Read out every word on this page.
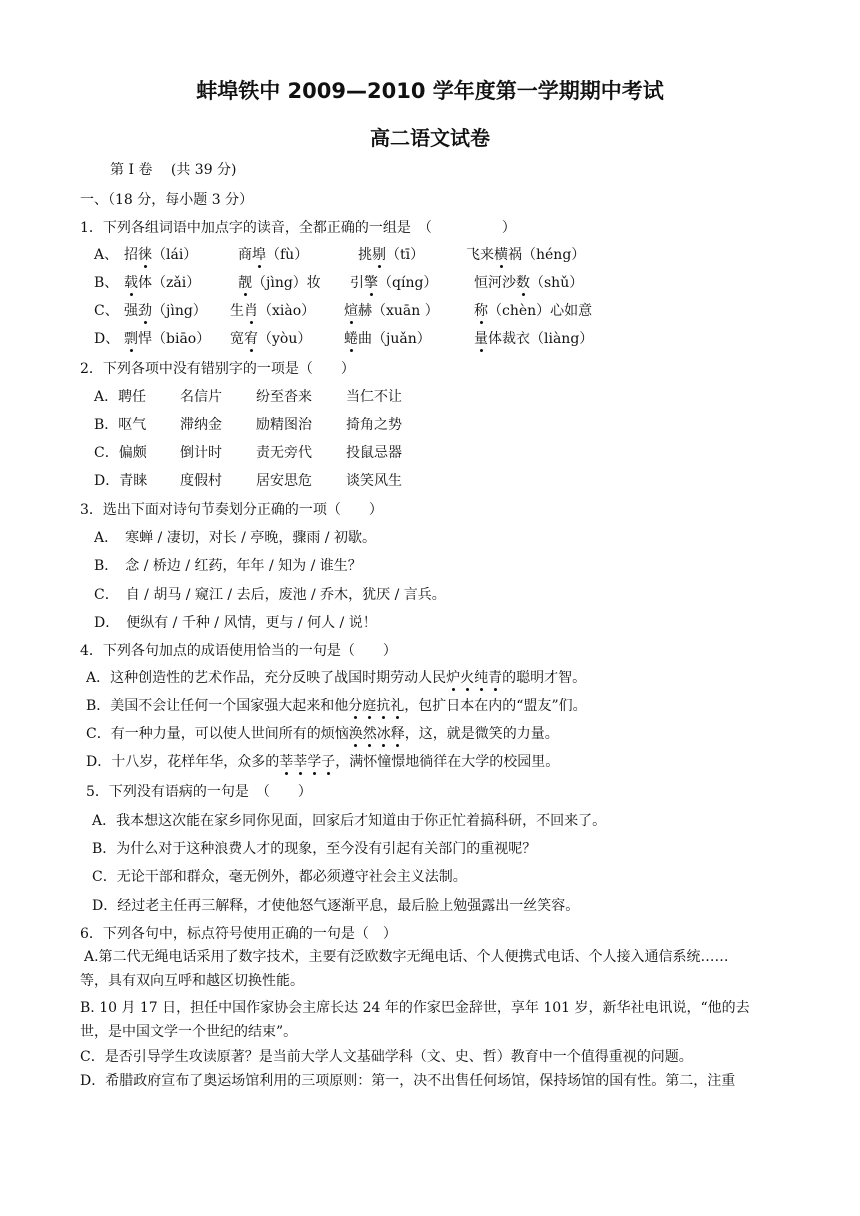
蚌埠铁中 2009—2010 学年度第一学期期中考试
高二语文试卷
第 I 卷　 (共 39 分)
一、（18 分，每小题 3 分）
1．下列各组词语中加点字的读音，全都正确的一组是　（　　　　　）
A、 招徕（lái）	商埠（fù）	挑剔（tī）	飞来横祸（héng）
B、 载体（zǎi）	靓（jìng）妆 引擎（qíng）	恒河沙数（shǔ）
C、 强劲（jìng） 生肖（xiào） 煊赫（xuān ）	称（chèn）心如意
D、 剽悍（biāo） 宽宥（yòu） 蜷曲（juǎn）	量体裁衣（liàng）
2．下列各项中没有错别字的一项是（　　）
A．聘任 名信片 纷至沓来 当仁不让
B．呕气 滞纳金 励精图治 掎角之势
C．偏颇 倒计时 责无旁代 投鼠忌器
D．青睐 度假村 居安思危 谈笑风生
3．选出下面对诗句节奏划分正确的一项（　　）
A．　寒蝉 / 凄切，对长 / 亭晚，骤雨 / 初歇。
B．　念 / 桥边 / 红药，年年 / 知为 / 谁生？
C．　自 / 胡马 / 窥江 / 去后，废池 / 乔木，犹厌 / 言兵。
D．　便纵有 / 千种 / 风情，更与 / 何人 / 说！
4．下列各句加点的成语使用恰当的一句是（　　）
A．这种创造性的艺术作品，充分反映了战国时期劳动人民炉火纯青的聪明才智。
B．美国不会让任何一个国家强大起来和他分庭抗礼，包扩日本在内的“盟友”们。
C．有一种力量，可以使人世间所有的烦恼涣然冰释，这，就是微笑的力量。
D．十八岁，花样年华，众多的莘莘学子，满怀憧憬地徜徉在大学的校园里。
5．下列没有语病的一句是　（　　）
A．我本想这次能在家乡同你见面，回家后才知道由于你正忙着搞科研，不回来了。
B．为什么对于这种浪费人才的现象，至今没有引起有关部门的重视呢？
C．无论干部和群众，毫无例外，都必须遵守社会主义法制。
D．经过老主任再三解释，才使他怒气逐渐平息，最后脸上勉强露出一丝笑容。
6．下列各句中，标点符号使用正确的一句是（　）
A.第二代无绳电话采用了数字技术，主要有泛欧数字无绳电话、个人便携式电话、个人接入通信系统……
等，具有双向互呼和越区切换性能。
B. 10 月 17 日，担任中国作家协会主席长达 24 年的作家巴金辞世，享年 101 岁，新华社电讯说，“他的去
世，是中国文学一个世纪的结束”。
C．是否引导学生攻读原著？是当前大学人文基础学科（文、史、哲）教育中一个值得重视的问题。
D．希腊政府宣布了奥运场馆利用的三项原则：第一，决不出售任何场馆，保持场馆的国有性。第二，注重
